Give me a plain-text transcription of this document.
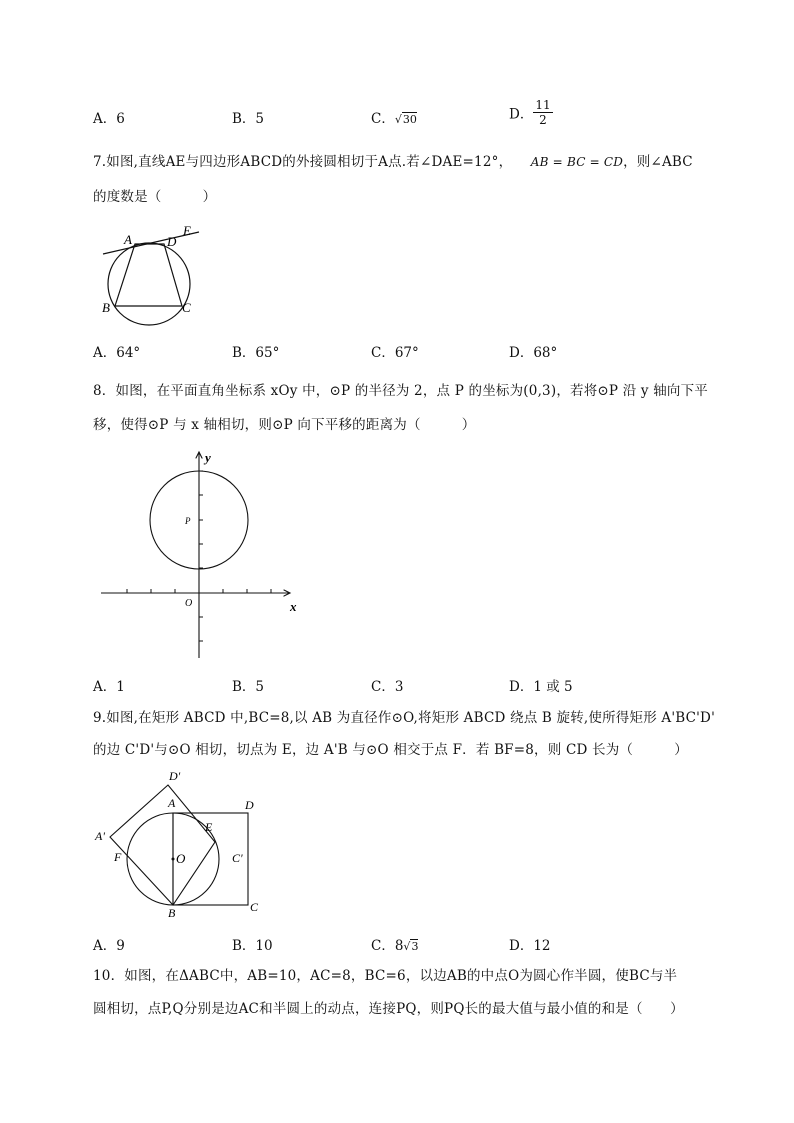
A．6	B．5	C．√30	D． $\frac{11}{2}$
7.如图,直线AE与四边形ABCD的外接圆相切于A点.若∠DAE=12°， AB = BC = CD，则∠ABC
的度数是（　　　）
A	D
E
B	C
A．64°	B．65°	C．67°	D．68°
8．如图，在平面直角坐标系 xOy 中，⊙P 的半径为 2，点 P 的坐标为(0,3)，若将⊙P 沿 y 轴向下平
移，使得⊙P 与 x 轴相切，则⊙P 向下平移的距离为（　　　）
y
P
O	x
A．1	B．5	C．3	D．1 或 5
9.如图,在矩形 ABCD 中,BC=8,以 AB 为直径作⊙O,将矩形 ABCD 绕点 B 旋转,使所得矩形 A'BC'D'
的边 C'D'与⊙O 相切，切点为 E，边 A'B 与⊙O 相交于点 F．若 BF=8，则 CD 长为（　　　）
D'
A	D
E
A'
F	O	C'
B	C
A．9	B．10	C．8√3	D．12
10．如图，在ΔABC中，AB=10，AC=8，BC=6，以边AB的中点O为圆心作半圆，使BC与半
圆相切，点P,Q分别是边AC和半圆上的动点，连接PQ，则PQ长的最大值与最小值的和是（　　）
